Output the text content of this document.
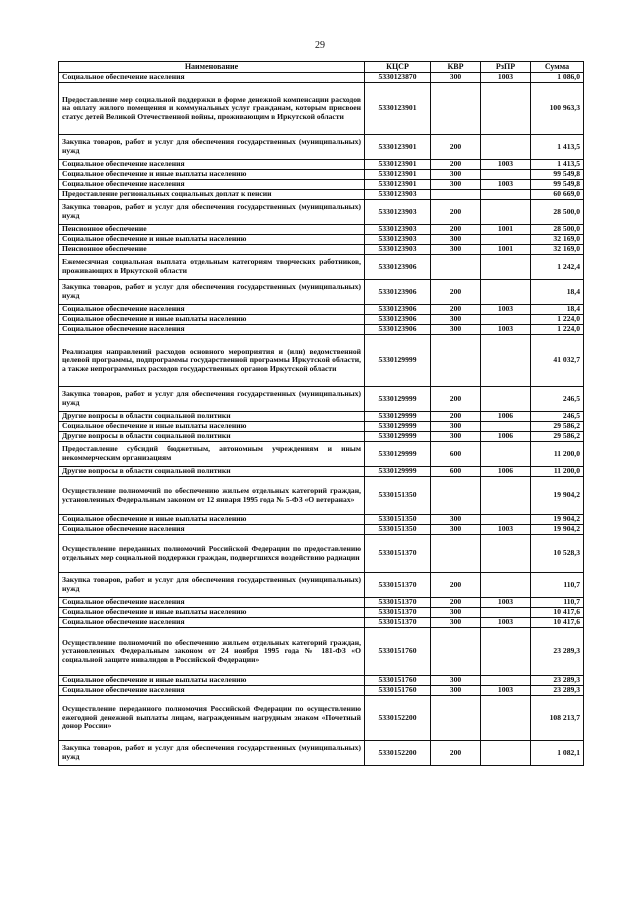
29
Наименование	КЦСР	КВР	РзПР	Сумма
Социальное обеспечение населения	5330123870	300	1003	1 086,0
Предоставление мер социальной поддержки в форме денежной компенсации расходов на оплату жилого помещения и коммунальных услуг гражданам, которым присвоен статус детей Великой Отечественной войны, проживающим в Иркутской области	5330123901			100 963,3
Закупка товаров, работ и услуг для обеспечения государственных (муниципальных) нужд	5330123901	200		1 413,5
Социальное обеспечение населения	5330123901	200	1003	1 413,5
Социальное обеспечение и иные выплаты населению	5330123901	300		99 549,8
Социальное обеспечение населения	5330123901	300	1003	99 549,8
Предоставление региональных социальных доплат к пенсии	5330123903			60 669,0
Закупка товаров, работ и услуг для обеспечения государственных (муниципальных) нужд	5330123903	200		28 500,0
Пенсионное обеспечение	5330123903	200	1001	28 500,0
Социальное обеспечение и иные выплаты населению	5330123903	300		32 169,0
Пенсионное обеспечение	5330123903	300	1001	32 169,0
Ежемесячная социальная выплата отдельным категориям творческих работников, проживающих в Иркутской области	5330123906			1 242,4
Закупка товаров, работ и услуг для обеспечения государственных (муниципальных) нужд	5330123906	200		18,4
Социальное обеспечение населения	5330123906	200	1003	18,4
Социальное обеспечение и иные выплаты населению	5330123906	300		1 224,0
Социальное обеспечение населения	5330123906	300	1003	1 224,0
Реализация направлений расходов основного мероприятия и (или) ведомственной целевой программы, подпрограммы государственной программы Иркутской области, а также непрограммных расходов государственных органов Иркутской области	5330129999			41 032,7
Закупка товаров, работ и услуг для обеспечения государственных (муниципальных) нужд	5330129999	200		246,5
Другие вопросы в области социальной политики	5330129999	200	1006	246,5
Социальное обеспечение и иные выплаты населению	5330129999	300		29 586,2
Другие вопросы в области социальной политики	5330129999	300	1006	29 586,2
Предоставление субсидий бюджетным, автономным учреждениям и иным некоммерческим организациям	5330129999	600		11 200,0
Другие вопросы в области социальной политики	5330129999	600	1006	11 200,0
Осуществление полномочий по обеспечению жильем отдельных категорий граждан, установленных Федеральным законом от 12 января 1995 года № 5-ФЗ «О ветеранах»	5330151350			19 904,2
Социальное обеспечение и иные выплаты населению	5330151350	300		19 904,2
Социальное обеспечение населения	5330151350	300	1003	19 904,2
Осуществление переданных полномочий Российской Федерации по предоставлению отдельных мер социальной поддержки граждан, подвергшихся воздействию радиации	5330151370			10 528,3
Закупка товаров, работ и услуг для обеспечения государственных (муниципальных) нужд	5330151370	200		110,7
Социальное обеспечение населения	5330151370	200	1003	110,7
Социальное обеспечение и иные выплаты населению	5330151370	300		10 417,6
Социальное обеспечение населения	5330151370	300	1003	10 417,6
Осуществление полномочий по обеспечению жильем отдельных категорий граждан, установленных Федеральным законом от 24 ноября 1995 года № 181-ФЗ «О социальной защите инвалидов в Российской Федерации»	5330151760			23 289,3
Социальное обеспечение и иные выплаты населению	5330151760	300		23 289,3
Социальное обеспечение населения	5330151760	300	1003	23 289,3
Осуществление переданного полномочия Российской Федерации по осуществлению ежегодной денежной выплаты лицам, награжденным нагрудным знаком «Почетный донор России»	5330152200			108 213,7
Закупка товаров, работ и услуг для обеспечения государственных (муниципальных) нужд	5330152200	200		1 082,1
